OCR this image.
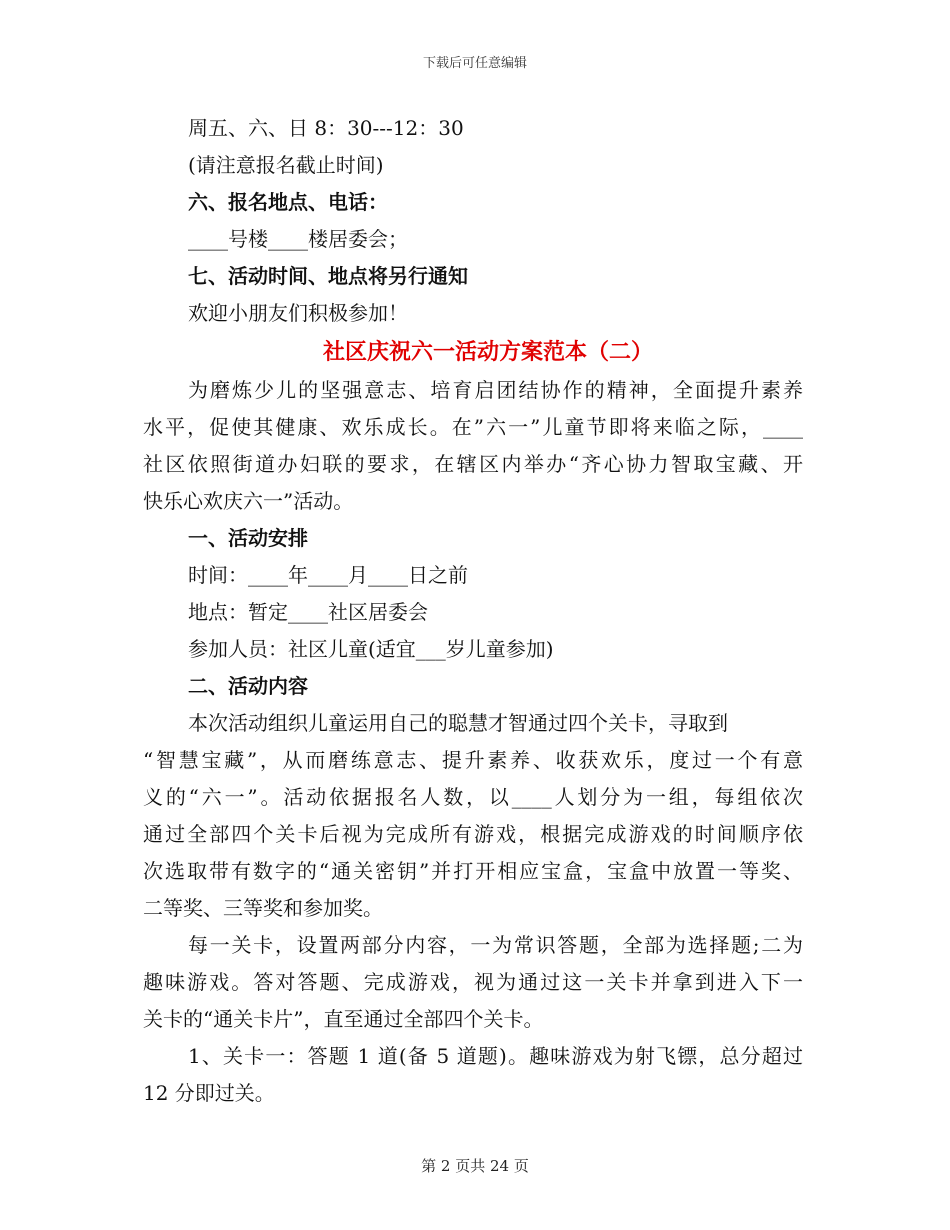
下载后可任意编辑
周五、六、日 8：30---12：30
(请注意报名截止时间)
六、报名地点、电话：
____号楼____楼居委会；
七、活动时间、地点将另行通知
欢迎小朋友们积极参加！
社区庆祝六一活动方案范本（二）
为磨炼少儿的坚强意志、培育启团结协作的精神，全面提升素养
水平，促使其健康、欢乐成长。在”六一”儿童节即将来临之际，____
社区依照街道办妇联的要求，在辖区内举办“齐心协力智取宝藏、开
快乐心欢庆六一”活动。
一、活动安排
时间：____年____月____日之前
地点：暂定____社区居委会
参加人员：社区儿童(适宜___岁儿童参加)
二、活动内容
本次活动组织儿童运用自己的聪慧才智通过四个关卡，寻取到
“智慧宝藏”，从而磨练意志、提升素养、收获欢乐，度过一个有意
义的“六一”。活动依据报名人数，以____人划分为一组，每组依次
通过全部四个关卡后视为完成所有游戏，根据完成游戏的时间顺序依
次选取带有数字的“通关密钥”并打开相应宝盒，宝盒中放置一等奖、
二等奖、三等奖和参加奖。
每一关卡，设置两部分内容，一为常识答题，全部为选择题;二为
趣味游戏。答对答题、完成游戏，视为通过这一关卡并拿到进入下一
关卡的“通关卡片”，直至通过全部四个关卡。
1、关卡一：答题 1 道(备 5 道题)。趣味游戏为射飞镖，总分超过
12 分即过关。
第 2 页共 24 页
